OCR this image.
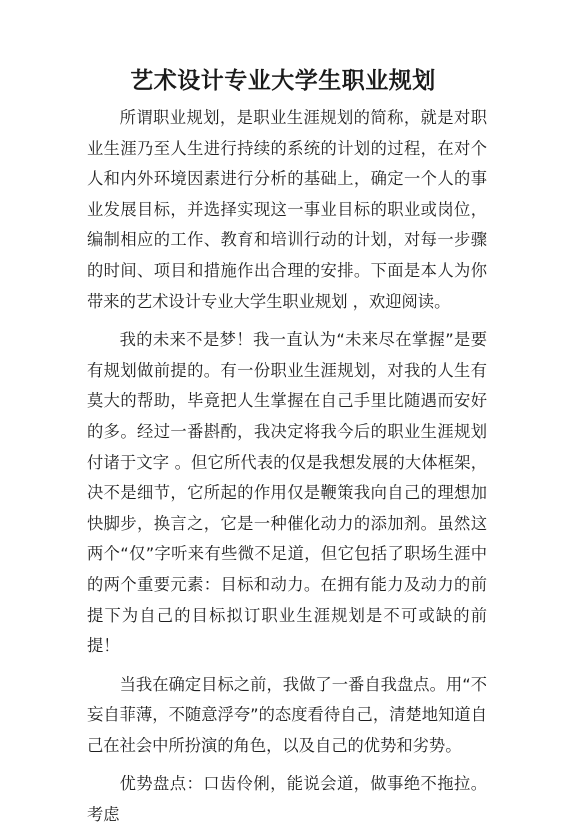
艺术设计专业大学生职业规划

所谓职业规划，是职业生涯规划的简称，就是对职业生涯乃至人生进行持续的系统的计划的过程，在对个人和内外环境因素进行分析的基础上，确定一个人的事业发展目标，并选择实现这一事业目标的职业或岗位，编制相应的工作、教育和培训行动的计划，对每一步骤的时间、项目和措施作出合理的安排。下面是本人为你带来的艺术设计专业大学生职业规划 ，欢迎阅读。

我的未来不是梦！我一直认为“未来尽在掌握”是要有规划做前提的。有一份职业生涯规划，对我的人生有莫大的帮助，毕竟把人生掌握在自己手里比随遇而安好的多。经过一番斟酌，我决定将我今后的职业生涯规划付诸于文字 。但它所代表的仅是我想发展的大体框架，决不是细节，它所起的作用仅是鞭策我向自己的理想加快脚步，换言之，它是一种催化动力的添加剂。虽然这两个“仅”字听来有些微不足道，但它包括了职场生涯中的两个重要元素：目标和动力。在拥有能力及动力的前提下为自己的目标拟订职业生涯规划是不可或缺的前提！

当我在确定目标之前，我做了一番自我盘点。用“不妄自菲薄，不随意浮夸”的态度看待自己，清楚地知道自己在社会中所扮演的角色，以及自己的优势和劣势。

优势盘点：口齿伶俐，能说会道，做事绝不拖拉。考虑
